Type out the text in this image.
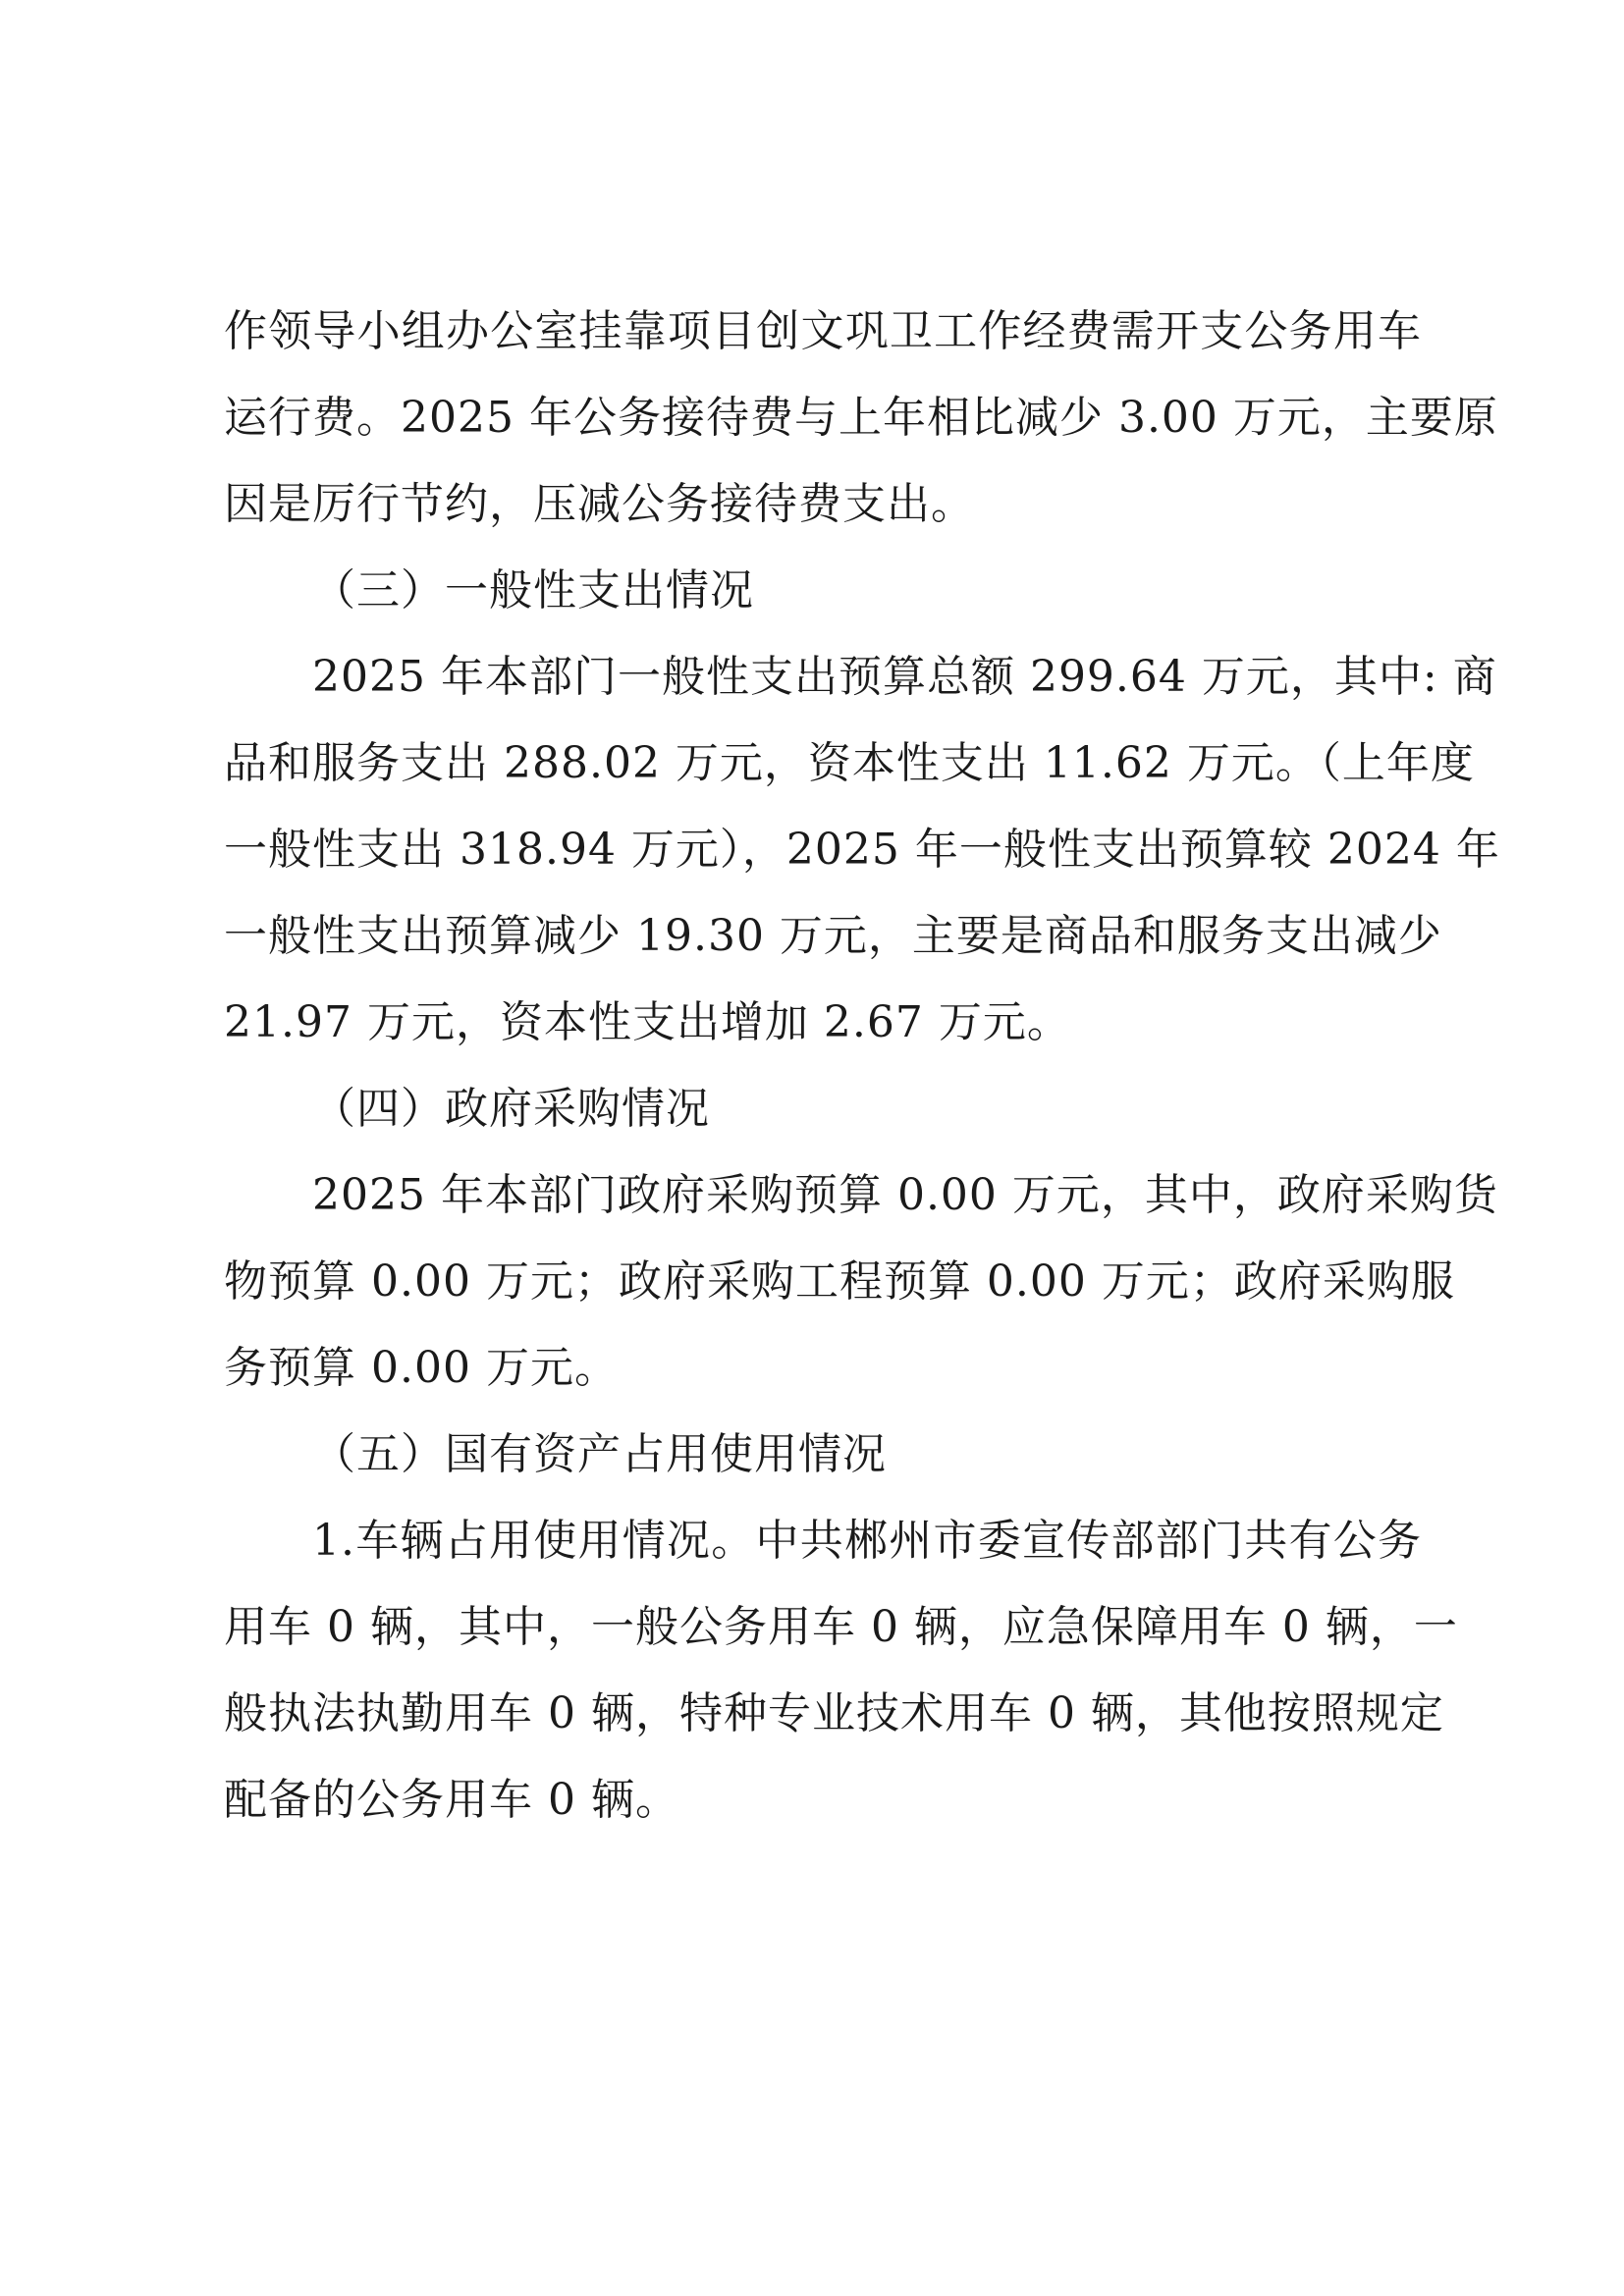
作领导小组办公室挂靠项目创文巩卫工作经费需开支公务用车
运行费。2025 年公务接待费与上年相比减少 3.00 万元，主要原
因是厉行节约，压减公务接待费支出。
（三）一般性支出情况
2025 年本部门一般性支出预算总额 299.64 万元，其中: 商
品和服务支出 288.02 万元，资本性支出 11.62 万元。（上年度
一般性支出 318.94 万元），2025 年一般性支出预算较 2024 年
一般性支出预算减少 19.30 万元，主要是商品和服务支出减少
21.97 万元，资本性支出增加 2.67 万元。
（四）政府采购情况
2025 年本部门政府采购预算 0.00 万元，其中，政府采购货
物预算 0.00 万元；政府采购工程预算 0.00 万元；政府采购服
务预算 0.00 万元。
（五）国有资产占用使用情况
1.车辆占用使用情况。中共郴州市委宣传部部门共有公务
用车 0 辆，其中，一般公务用车 0 辆，应急保障用车 0 辆，一
般执法执勤用车 0 辆，特种专业技术用车 0 辆，其他按照规定
配备的公务用车 0 辆。
